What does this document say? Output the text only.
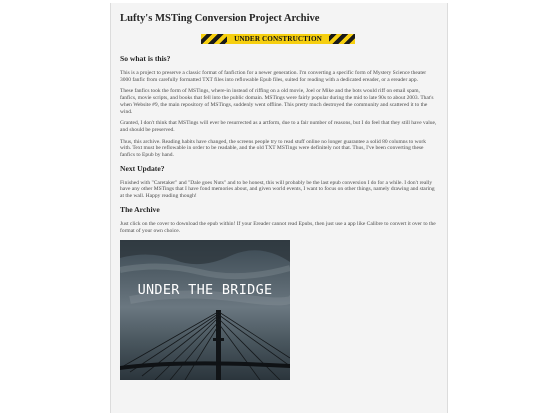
Lufty's MSTing Conversion Project Archive
UNDER CONSTRUCTION
So what is this?

This is a project to preserve a classic format of fanfiction for a newer generation. I'm converting a specific form of Mystery Science theater 3000 fanfic from carefully formatted TXT files into reflowable Epub files, suited for reading with a dedicated ereader, or a ereader app.

These fanfics took the form of MSTings, where-in instead of riffing on a old movie, Joel or Mike and the bots would riff on email spam, fanfics, movie scripts, and books that fell into the public domain. MSTings were fairly popular during the mid to late 90s to about 2003. That's when Website #9, the main repository of MSTings, suddenly went offline. This pretty much destroyed the community and scattered it to the wind.

Granted, I don't think that MSTings will ever be resurrected as a artform, due to a fair number of reasons, but I do feel that they still have value, and should be preserved.

Thus, this archive. Reading habits have changed, the screens people try to read stuff online no longer guarantee a solid 80 columns to work with. Text must be reflowable in order to be readable, and the old TXT MSTings were definitely not that. Thus, I've been converting these fanfics to Epub by hand.

Next Update?

Finished with "Caretaker" and "Dale goes Nuts" and to be honest, this will probably be the last epub conversion I do for a while. I don't really have any other MSTings that I have fond memories about, and given world events, I want to focus on other things, namely drawing and staring at the wall. Happy reading though!

The Archive

Just click on the cover to download the epub within! If your Ereader cannot read Epubs, then just use a app like Calibre to convert it over to the format of your own choice.

UNDER THE BRIDGE
